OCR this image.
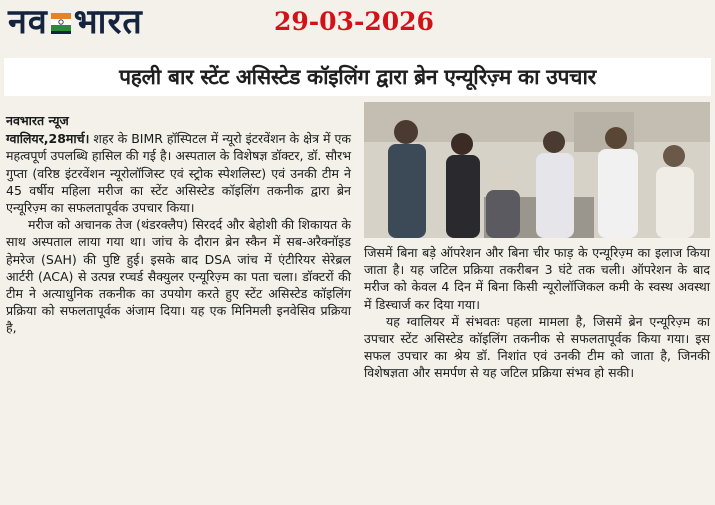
नव भारत	29-03-2026
पहली बार स्टेंट असिस्टेड कॉइलिंग द्वारा ब्रेन एन्यूरिज़्म का उपचार

नवभारत न्यूज

ग्वालियर,28मार्च। शहर के BIMR हॉस्पिटल में न्यूरो इंटरवेंशन के क्षेत्र में एक महत्वपूर्ण उपलब्धि हासिल की गई है। अस्पताल के विशेषज्ञ डॉक्टर, डॉ. सौरभ गुप्ता (वरिष्ठ इंटरवेंशन न्यूरोलॉजिस्ट एवं स्ट्रोक स्पेशलिस्ट) एवं उनकी टीम ने 45 वर्षीय महिला मरीज का स्टेंट असिस्टेड कॉइलिंग तकनीक द्वारा ब्रेन एन्यूरिज़्म का सफलतापूर्वक उपचार किया।

मरीज को अचानक तेज (थंडरक्लैप) सिरदर्द और बेहोशी की शिकायत के साथ अस्पताल लाया गया था। जांच के दौरान ब्रेन स्कैन में सब-अरैक्नॉइड हेमरेज (SAH) की पुष्टि हुई। इसके बाद DSA जांच में एंटीरियर सेरेब्रल आर्टरी (ACA) से उत्पन्न रप्चर्ड सैक्युलर एन्यूरिज़्म का पता चला। डॉक्टरों की टीम ने अत्याधुनिक तकनीक का उपयोग करते हुए स्टेंट असिस्टेड कॉइलिंग प्रक्रिया को सफलतापूर्वक अंजाम दिया। यह एक मिनिमली इनवेसिव प्रक्रिया है,

जिसमें बिना बड़े ऑपरेशन और बिना चीर फाड़ के एन्यूरिज़्म का इलाज किया जाता है। यह जटिल प्रक्रिया तकरीबन 3 घंटे तक चली। ऑपरेशन के बाद मरीज को केवल 4 दिन में बिना किसी न्यूरोलॉजिकल कमी के स्वस्थ अवस्था में डिस्चार्ज कर दिया गया।

यह ग्वालियर में संभवतः पहला मामला है, जिसमें ब्रेन एन्यूरिज़्म का उपचार स्टेंट असिस्टेड कॉइलिंग तकनीक से सफलतापूर्वक किया गया। इस सफल उपचार का श्रेय डॉ. निशांत एवं उनकी टीम को जाता है, जिनकी विशेषज्ञता और समर्पण से यह जटिल प्रक्रिया संभव हो सकी।
